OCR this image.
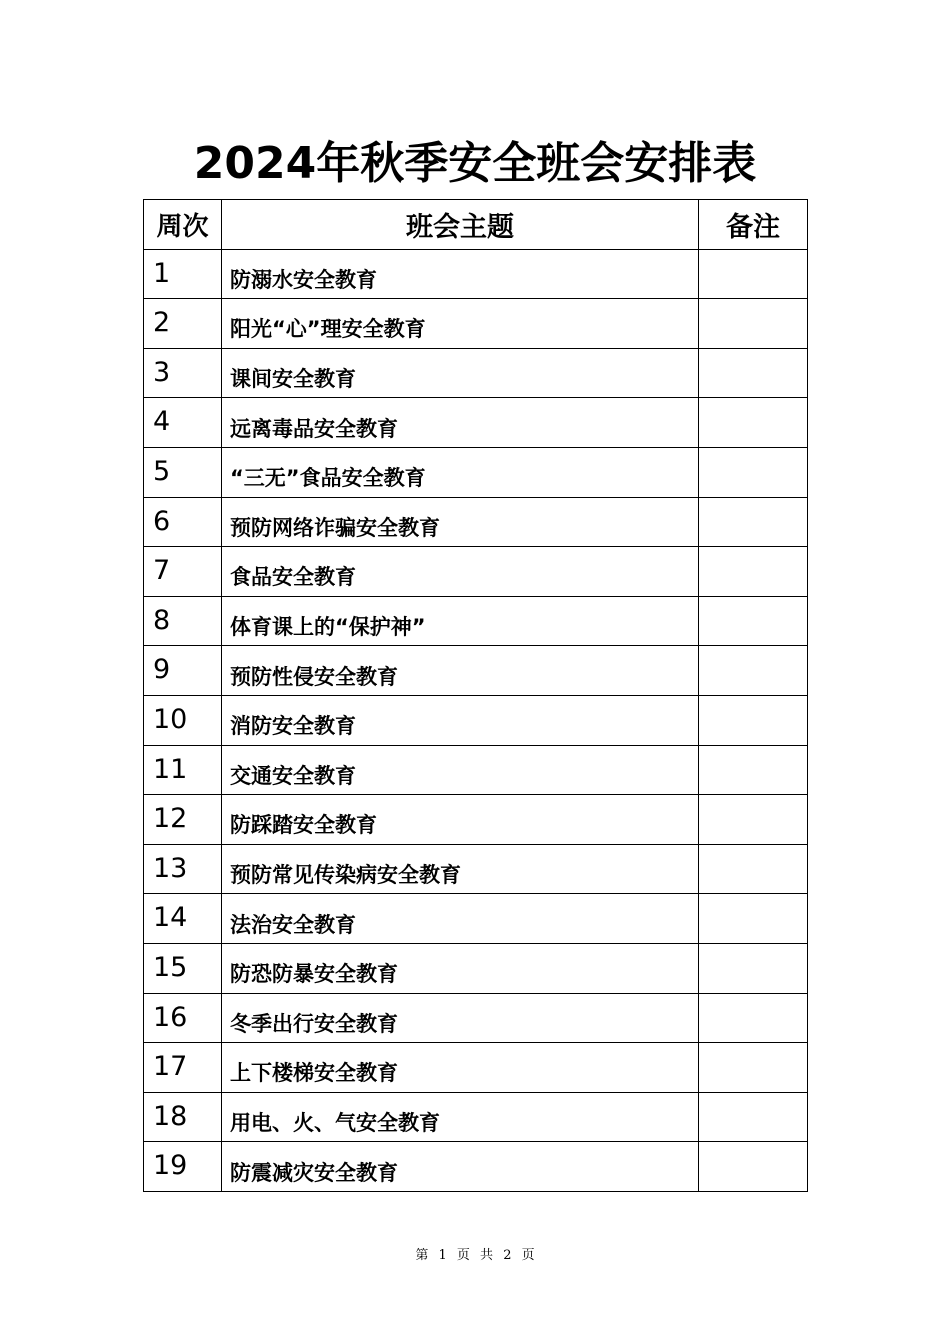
2024年秋季安全班会安排表
周次	班会主题	备注
1	防溺水安全教育	
2	阳光“心”理安全教育	
3	课间安全教育	
4	远离毒品安全教育	
5	“三无”食品安全教育	
6	预防网络诈骗安全教育	
7	食品安全教育	
8	体育课上的“保护神”	
9	预防性侵安全教育	
10	消防安全教育	
11	交通安全教育	
12	防踩踏安全教育	
13	预防常见传染病安全教育	
14	法治安全教育	
15	防恐防暴安全教育	
16	冬季出行安全教育	
17	上下楼梯安全教育	
18	用电、火、气安全教育	
19	防震减灾安全教育	
第 1 页 共 2 页
